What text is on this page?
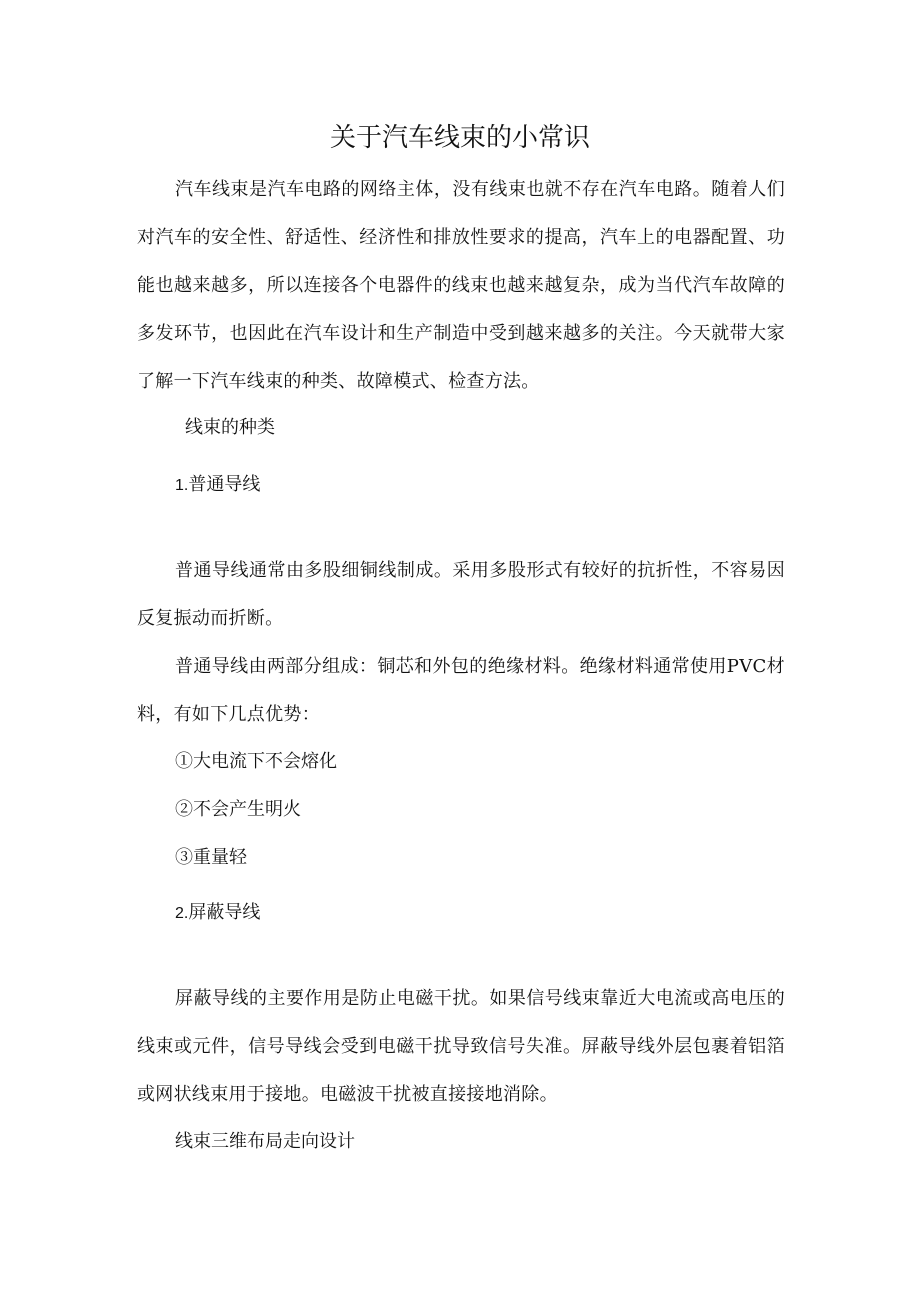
关于汽车线束的小常识

汽车线束是汽车电路的网络主体，没有线束也就不存在汽车电路。随着人们对汽车的安全性、舒适性、经济性和排放性要求的提高，汽车上的电器配置、功能也越来越多，所以连接各个电器件的线束也越来越复杂，成为当代汽车故障的多发环节，也因此在汽车设计和生产制造中受到越来越多的关注。今天就带大家了解一下汽车线束的种类、故障模式、检查方法。

线束的种类
1.普通导线

普通导线通常由多股细铜线制成。采用多股形式有较好的抗折性，不容易因反复振动而折断。

普通导线由两部分组成：铜芯和外包的绝缘材料。绝缘材料通常使用PVC材料，有如下几点优势：

①大电流下不会熔化
②不会产生明火
③重量轻
2.屏蔽导线

屏蔽导线的主要作用是防止电磁干扰。如果信号线束靠近大电流或高电压的线束或元件，信号导线会受到电磁干扰导致信号失准。屏蔽导线外层包裹着铝箔或网状线束用于接地。电磁波干扰被直接接地消除。

线束三维布局走向设计
